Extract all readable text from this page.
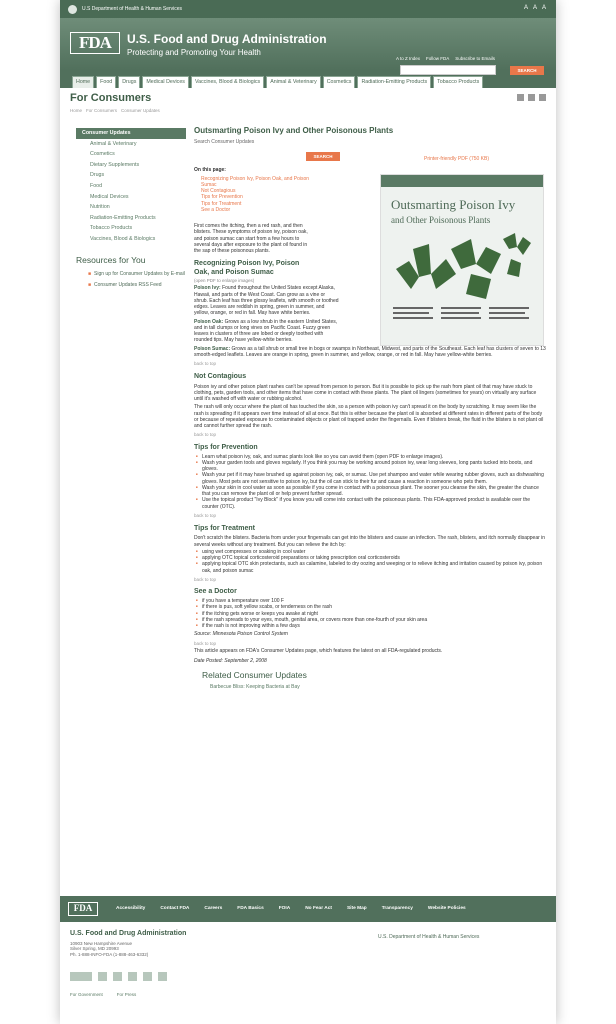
U.S Department of Health & Human Services	A A A
FDA	U.S. Food and Drug Administration
Protecting and Promoting Your Health
A to Z Index Follow FDA Subscribe to Emails
SEARCH
Home	Food	Drugs	Medical Devices	Vaccines, Blood & Biologics	Animal & Veterinary	Cosmetics	Radiation-Emitting Products	Tobacco Products
For Consumers
Home For Consumers Consumer Updates
Consumer Updates
Animal & Veterinary
Cosmetics
Dietary Supplements
Drugs
Food
Medical Devices
Nutrition
Radiation-Emitting Products
Tobacco Products
Vaccines, Blood & Biologics
Resources for You
■ Sign up for Consumer Updates by E-mail
■ Consumer Updates RSS Feed
Outsmarting Poison Ivy and Other Poisonous Plants
Search Consumer Updates
SEARCH	Printer-friendly PDF (750 KB)
Outsmarting Poison Ivy
and Other Poisonous Plants
On this page:
Recognizing Poison Ivy, Poison Oak, and Poison Sumac
Not Contagious
Tips for Prevention
Tips for Treatment
See a Doctor
First comes the itching, then a red rash, and then blisters. These symptoms of poison ivy, poison oak, and poison sumac can start from a few hours to several days after exposure to the plant oil found in the sap of these poisonous plants.
Recognizing Poison Ivy, Poison Oak, and Poison Sumac
(open PDF to enlarge images)
Poison Ivy: Found throughout the United States except Alaska, Hawaii, and parts of the West Coast. Can grow as a vine or shrub. Each leaf has three glossy leaflets, with smooth or toothed edges. Leaves are reddish in spring, green in summer, and yellow, orange, or red in fall. May have white berries.
Poison Oak: Grows as a low shrub in the eastern United States, and in tall clumps or long vines on Pacific Coast. Fuzzy green leaves in clusters of three are lobed or deeply toothed with rounded tips. May have yellow-white berries.
Poison Sumac: Grows as a tall shrub or small tree in bogs or swamps in Northeast, Midwest, and parts of the Southeast. Each leaf has clusters of seven to 13 smooth-edged leaflets. Leaves are orange in spring, green in summer, and yellow, orange, or red in fall. May have yellow-white berries.
back to top
Not Contagious
Poison ivy and other poison plant rashes can't be spread from person to person. But it is possible to pick up the rash from plant oil that may have stuck to clothing, pets, garden tools, and other items that have come in contact with these plants. The plant oil lingers (sometimes for years) on virtually any surface until it's washed off with water or rubbing alcohol.
The rash will only occur where the plant oil has touched the skin, so a person with poison ivy can't spread it on the body by scratching. It may seem like the rash is spreading if it appears over time instead of all at once. But this is either because the plant oil is absorbed at different rates in different parts of the body or because of repeated exposure to contaminated objects or plant oil trapped under the fingernails. Even if blisters break, the fluid in the blisters is not plant oil and cannot further spread the rash.
back to top
Tips for Prevention
■ Learn what poison ivy, oak, and sumac plants look like so you can avoid them (open PDF to enlarge images).
■ Wash your garden tools and gloves regularly. If you think you may be working around poison ivy, wear long sleeves, long pants tucked into boots, and gloves.
■ Wash your pet if it may have brushed up against poison ivy, oak, or sumac. Use pet shampoo and water while wearing rubber gloves, such as dishwashing gloves. Most pets are not sensitive to poison ivy, but the oil can stick to their fur and cause a reaction in someone who pets them.
■ Wash your skin in cool water as soon as possible if you come in contact with a poisonous plant. The sooner you cleanse the skin, the greater the chance that you can remove the plant oil or help prevent further spread.
■ Use the topical product "Ivy Block" if you know you will come into contact with the poisonous plants. This FDA-approved product is available over the counter (OTC).
back to top
Tips for Treatment
Don't scratch the blisters. Bacteria from under your fingernails can get into the blisters and cause an infection. The rash, blisters, and itch normally disappear in several weeks without any treatment. But you can relieve the itch by:
■ using wet compresses or soaking in cool water
■ applying OTC topical corticosteroid preparations or taking prescription oral corticosteroids
■ applying topical OTC skin protectants, such as calamine, labeled to dry oozing and weeping or to relieve itching and irritation caused by poison ivy, poison oak, and poison sumac
back to top
See a Doctor
■ if you have a temperature over 100 F
■ if there is pus, soft yellow scabs, or tenderness on the rash
■ if the itching gets worse or keeps you awake at night
■ if the rash spreads to your eyes, mouth, genital area, or covers more than one-fourth of your skin area
■ if the rash is not improving within a few days
Source: Minnesota Poison Control System
back to top
This article appears on FDA's Consumer Updates page, which features the latest on all FDA-regulated products.
Date Posted: September 2, 2008
Related Consumer Updates
Barbecue Bliss: Keeping Bacteria at Bay
FDA	Accessibility	Contact FDA	Careers	FDA Basics	FOIA	No Fear Act	Site Map	Transparency	Website Policies
U.S. Food and Drug Administration
10903 New Hampshire Avenue
Silver Spring, MD 20993
Ph. 1-888-INFO-FDA (1-888-463-6332)
U.S. Department of Health & Human Services
For Government	For Press
